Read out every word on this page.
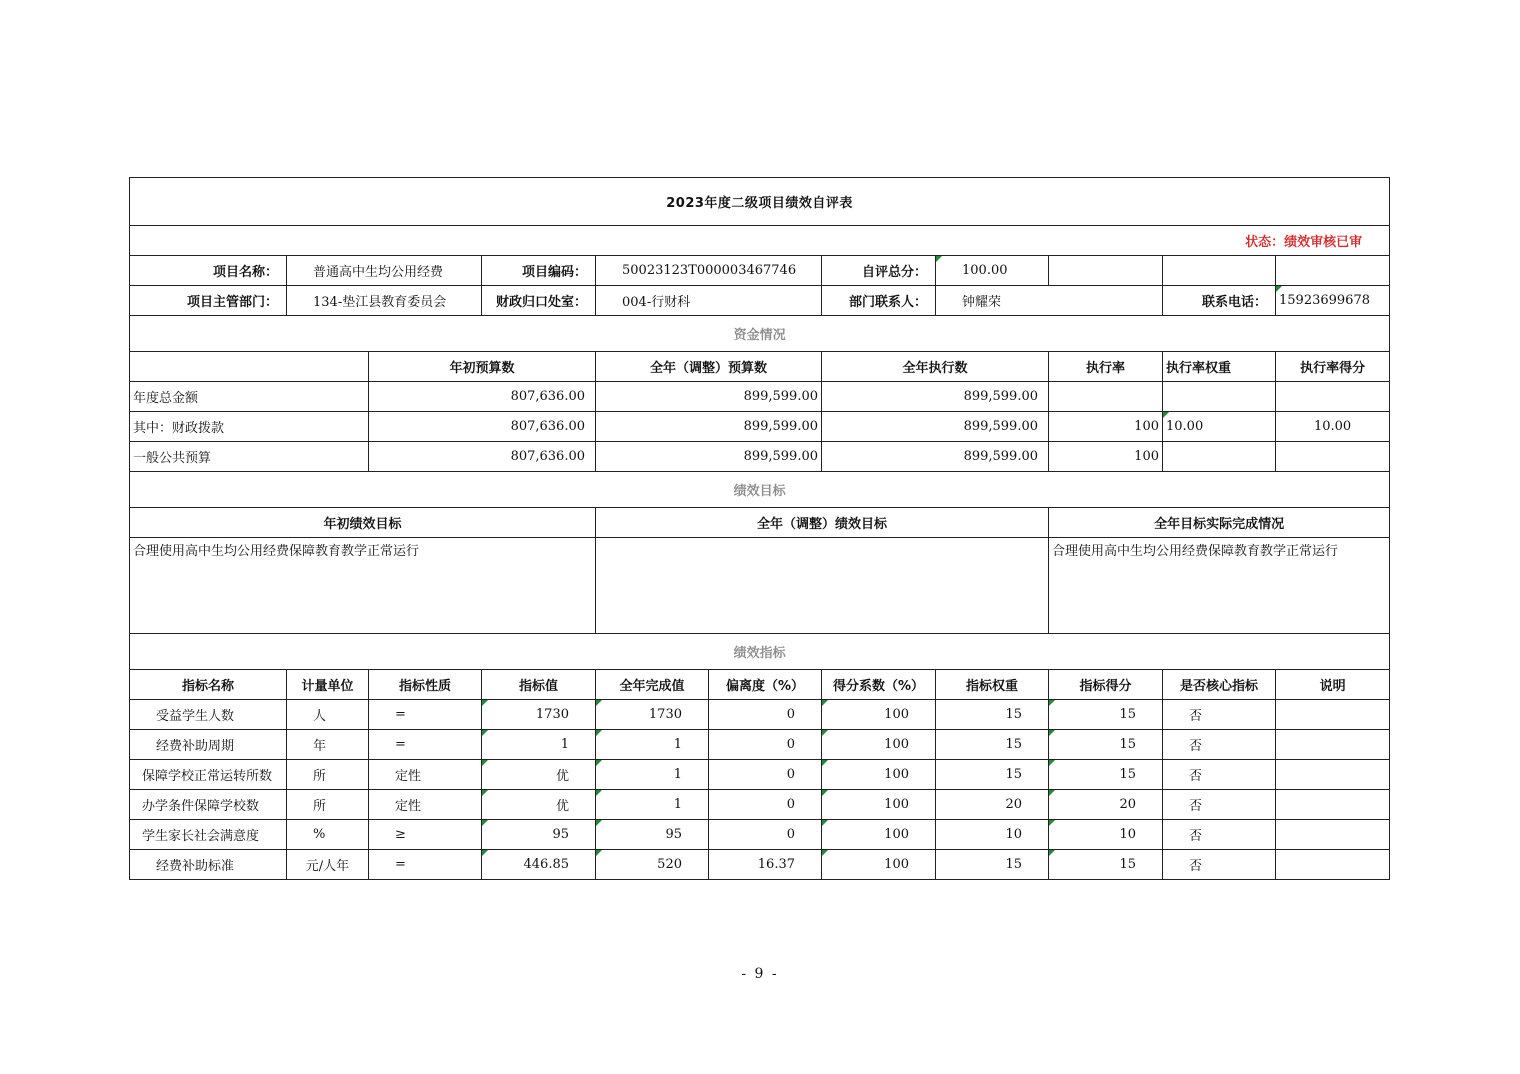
2023年度二级项目绩效自评表										
状态：绩效审核已审										
项目名称：	普通高中生均公用经费		项目编码：	50023123T000003467746		自评总分：	100.00			
项目主管部门：	134-垫江县教育委员会		财政归口处室：	004-行财科		部门联系人：	钟耀荣		联系电话：	15923699678
资金情况										
		年初预算数		全年（调整）预算数		全年执行数		执行率	执行率权重	执行率得分
年度总金额		807,636.00		899,599.00		899,599.00				
其中：财政拨款		807,636.00		899,599.00		899,599.00		100	10.00	10.00
一般公共预算		807,636.00		899,599.00		899,599.00		100		
绩效目标										
年初绩效目标				全年（调整）绩效目标				全年目标实际完成情况		
合理使用高中生均公用经费保障教育教学正常运行								合理使用高中生均公用经费保障教育教学正常运行		
绩效指标										
指标名称	计量单位	指标性质	指标值	全年完成值	偏离度（%）	得分系数（%）	指标权重	指标得分	是否核心指标	说明
受益学生人数	人	=	1730	1730	0	100	15	15	否	
经费补助周期	年	=	1	1	0	100	15	15	否	
保障学校正常运转所数	所	定性	优	1	0	100	15	15	否	
办学条件保障学校数	所	定性	优	1	0	100	20	20	否	
学生家长社会满意度	%	≥	95	95	0	100	10	10	否	
经费补助标准	元/人年	=	446.85	520	16.37	100	15	15	否	
- 9 -
